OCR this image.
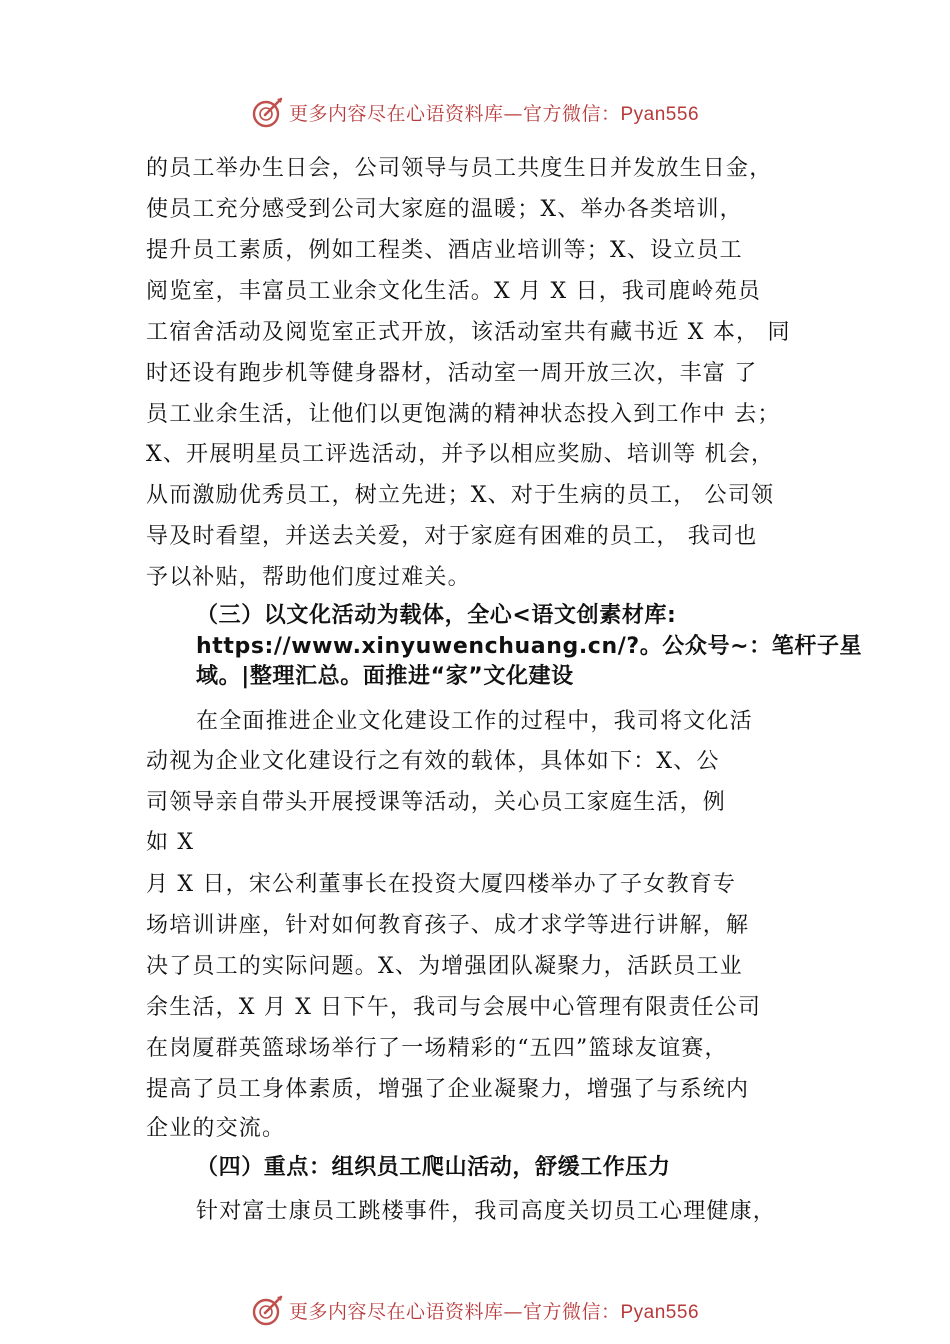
更多内容尽在心语资料库—官方微信：Pyan556
的员工举办生日会，公司领导与员工共度生日并发放生日金，
使员工充分感受到公司大家庭的温暖；X、举办各类培训，
提升员工素质，例如工程类、酒店业培训等；X、设立员工
阅览室，丰富员工业余文化生活。X 月 X 日，我司鹿岭苑员
工宿舍活动及阅览室正式开放，该活动室共有藏书近 X 本， 同
时还设有跑步机等健身器材，活动室一周开放三次，丰富 了
员工业余生活，让他们以更饱满的精神状态投入到工作中 去；
X、开展明星员工评选活动，并予以相应奖励、培训等 机会，
从而激励优秀员工，树立先进；X、对于生病的员工， 公司领
导及时看望，并送去关爱，对于家庭有困难的员工， 我司也
予以补贴，帮助他们度过难关。
（三）以文化活动为载体，全心<语文创素材库:
https://www.xinyuwenchuang.cn/?。公众号~：笔杆子星
域。|整理汇总。面推进“家”文化建设
在全面推进企业文化建设工作的过程中，我司将文化活
动视为企业文化建设行之有效的载体，具体如下：X、公
司领导亲自带头开展授课等活动，关心员工家庭生活，例
如 X
月 X 日，宋公利董事长在投资大厦四楼举办了子女教育专
场培训讲座，针对如何教育孩子、成才求学等进行讲解，解
决了员工的实际问题。X、为增强团队凝聚力，活跃员工业
余生活，X 月 X 日下午，我司与会展中心管理有限责任公司
在岗厦群英篮球场举行了一场精彩的“五四”篮球友谊赛，
提高了员工身体素质，增强了企业凝聚力，增强了与系统内
企业的交流。
（四）重点：组织员工爬山活动，舒缓工作压力
针对富士康员工跳楼事件，我司高度关切员工心理健康，
更多内容尽在心语资料库—官方微信：Pyan556
